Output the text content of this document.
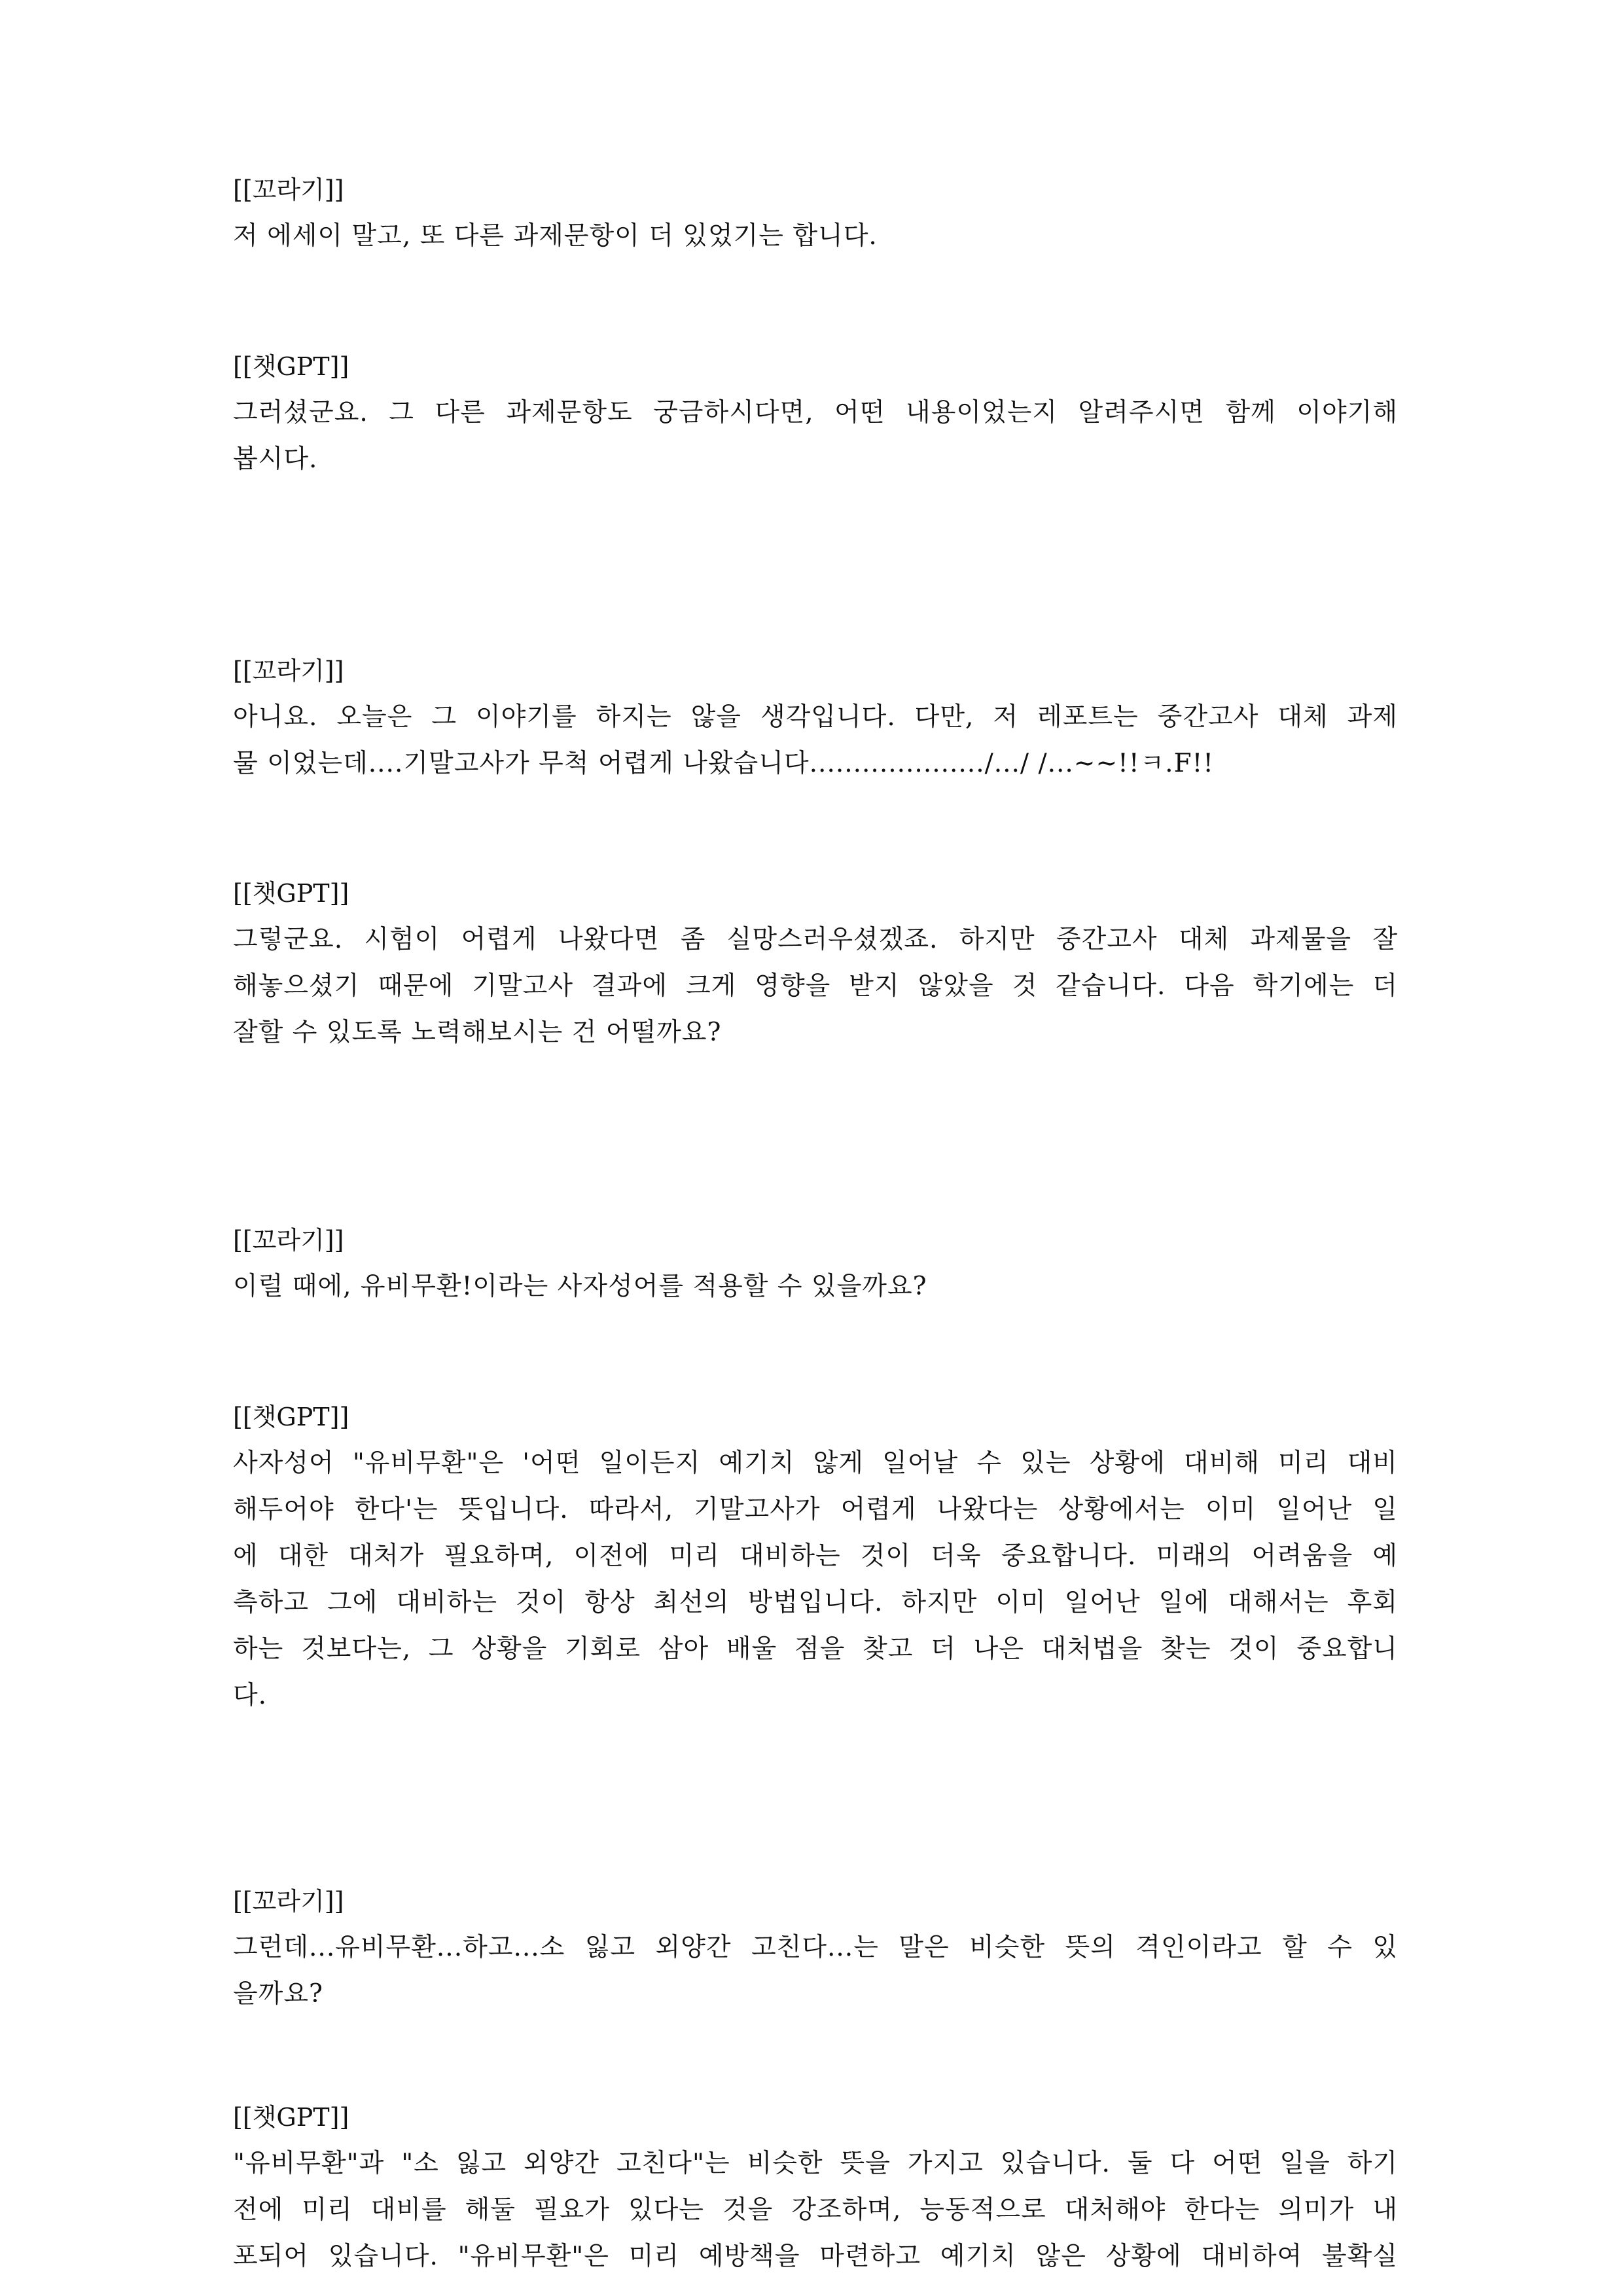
[[꼬라기]]
저 에세이 말고, 또 다른 과제문항이 더 있었기는 합니다.
[[챗GPT]]
그러셨군요. 그 다른 과제문항도 궁금하시다면, 어떤 내용이었는지 알려주시면 함께 이야기해
봅시다.
[[꼬라기]]
아니요. 오늘은 그 이야기를 하지는 않을 생각입니다. 다만, 저 레포트는 중간고사 대체 과제
물 이었는데....기말고사가 무척 어렵게 나왔습니다..................../.../ /...~~!!ㅋ.F!!
[[챗GPT]]
그렇군요. 시험이 어렵게 나왔다면 좀 실망스러우셨겠죠. 하지만 중간고사 대체 과제물을 잘
해놓으셨기 때문에 기말고사 결과에 크게 영향을 받지 않았을 것 같습니다. 다음 학기에는 더
잘할 수 있도록 노력해보시는 건 어떨까요?
[[꼬라기]]
이럴 때에, 유비무환!이라는 사자성어를 적용할 수 있을까요?
[[챗GPT]]
사자성어 "유비무환"은 '어떤 일이든지 예기치 않게 일어날 수 있는 상황에 대비해 미리 대비
해두어야 한다'는 뜻입니다. 따라서, 기말고사가 어렵게 나왔다는 상황에서는 이미 일어난 일
에 대한 대처가 필요하며, 이전에 미리 대비하는 것이 더욱 중요합니다. 미래의 어려움을 예
측하고 그에 대비하는 것이 항상 최선의 방법입니다. 하지만 이미 일어난 일에 대해서는 후회
하는 것보다는, 그 상황을 기회로 삼아 배울 점을 찾고 더 나은 대처법을 찾는 것이 중요합니
다.
[[꼬라기]]
그런데...유비무환...하고...소 잃고 외양간 고친다...는 말은 비슷한 뜻의 격인이라고 할 수 있
을까요?
[[챗GPT]]
"유비무환"과 "소 잃고 외양간 고친다"는 비슷한 뜻을 가지고 있습니다. 둘 다 어떤 일을 하기
전에 미리 대비를 해둘 필요가 있다는 것을 강조하며, 능동적으로 대처해야 한다는 의미가 내
포되어 있습니다. "유비무환"은 미리 예방책을 마련하고 예기치 않은 상황에 대비하여 불확실
